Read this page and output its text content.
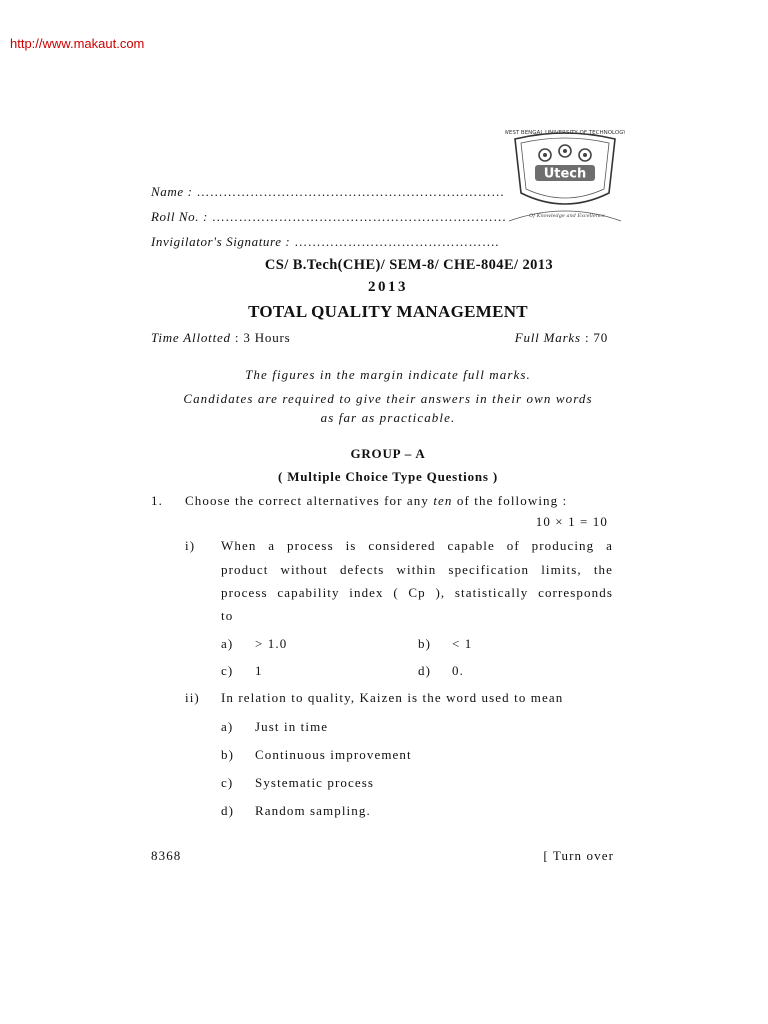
http://www.makaut.com
WEST BENGAL UNIVERSITY OF TECHNOLOGY
Utech
Of Knowledge and Excellence
Name : ……………………………………………………………
Roll No. : …………………………………………………………
Invigilator's Signature : ……………………………………….
CS/ B.Tech(CHE)/ SEM-8/ CHE-804E/ 2013
2013
TOTAL QUALITY MANAGEMENT
Time Allotted : 3 Hours	Full Marks : 70
The figures in the margin indicate full marks.
Candidates are required to give their answers in their own words
as far as practicable.
GROUP – A
( Multiple Choice Type Questions )
1. Choose the correct alternatives for any ten of the following :
10 × 1 = 10
i) When a process is considered capable of producing a
product without defects within specification limits, the
process capability index ( Cp ), statistically corresponds
to
a) > 1.0	b) < 1
c) 1	d) 0.
ii) In relation to quality, Kaizen is the word used to mean
a) Just in time
b) Continuous improvement
c) Systematic process
d) Random sampling.
8368	[ Turn over
